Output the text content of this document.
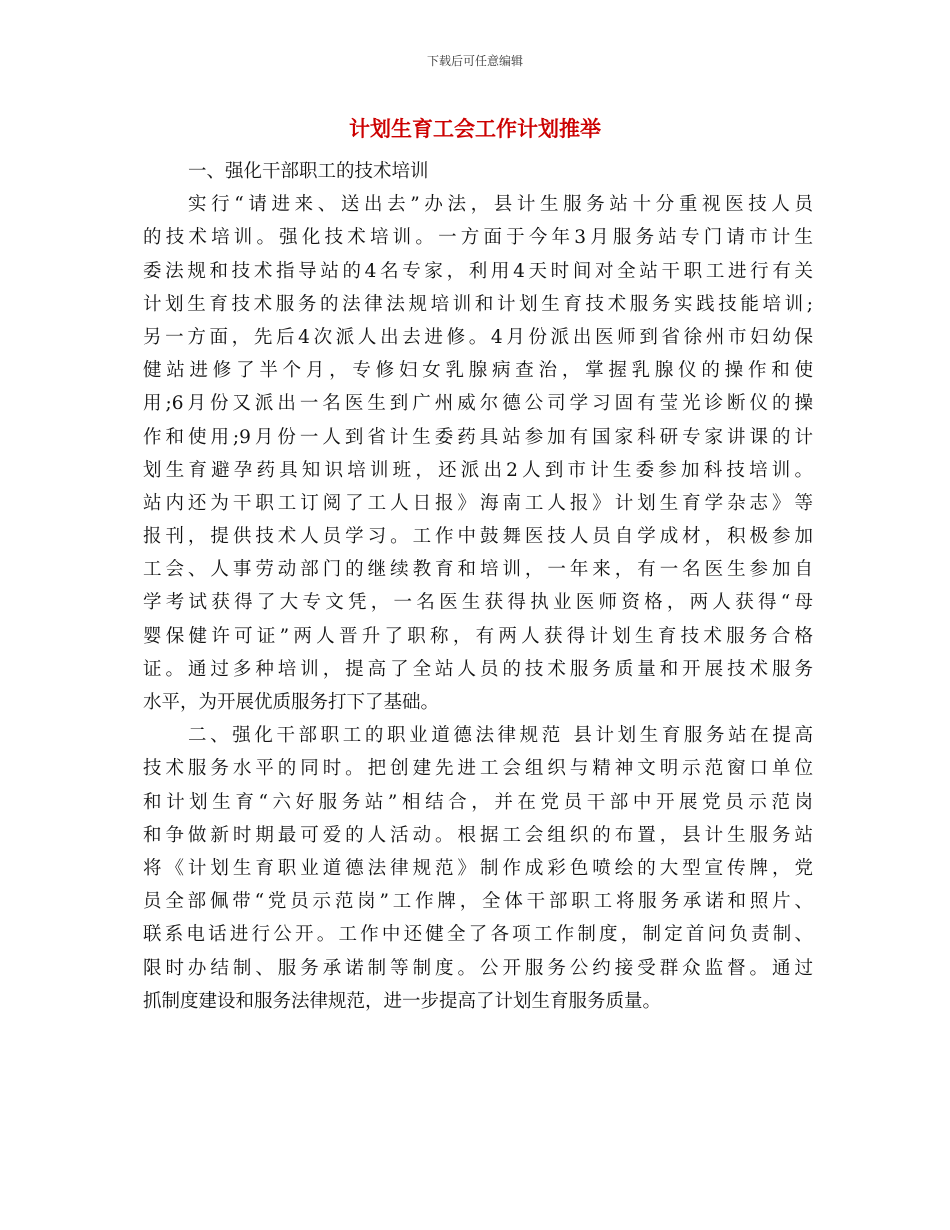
下载后可任意编辑
计划生育工会工作计划推举
一、强化干部职工的技术培训
实行“请进来、送出去”办法，县计生服务站十分重视医技人员
的技术培训。强化技术培训。一方面于今年3月服务站专门请市计生
委法规和技术指导站的4名专家，利用4天时间对全站干职工进行有关
计划生育技术服务的法律法规培训和计划生育技术服务实践技能培训;
另一方面，先后4次派人出去进修。4月份派出医师到省徐州市妇幼保
健站进修了半个月，专修妇女乳腺病查治，掌握乳腺仪的操作和使
用;6月份又派出一名医生到广州威尔德公司学习固有莹光诊断仪的操
作和使用;9月份一人到省计生委药具站参加有国家科研专家讲课的计
划生育避孕药具知识培训班，还派出2人到市计生委参加科技培训。
站内还为干职工订阅了工人日报》海南工人报》计划生育学杂志》等
报刊，提供技术人员学习。工作中鼓舞医技人员自学成材，积极参加
工会、人事劳动部门的继续教育和培训，一年来，有一名医生参加自
学考试获得了大专文凭，一名医生获得执业医师资格，两人获得“母
婴保健许可证”两人晋升了职称，有两人获得计划生育技术服务合格
证。通过多种培训，提高了全站人员的技术服务质量和开展技术服务
水平，为开展优质服务打下了基础。
二、强化干部职工的职业道德法律规范 县计划生育服务站在提高
技术服务水平的同时。把创建先进工会组织与精神文明示范窗口单位
和计划生育“六好服务站”相结合，并在党员干部中开展党员示范岗
和争做新时期最可爱的人活动。根据工会组织的布置，县计生服务站
将《计划生育职业道德法律规范》制作成彩色喷绘的大型宣传牌，党
员全部佩带“党员示范岗”工作牌，全体干部职工将服务承诺和照片、
联系电话进行公开。工作中还健全了各项工作制度，制定首问负责制、
限时办结制、服务承诺制等制度。公开服务公约接受群众监督。通过
抓制度建设和服务法律规范，进一步提高了计划生育服务质量。
